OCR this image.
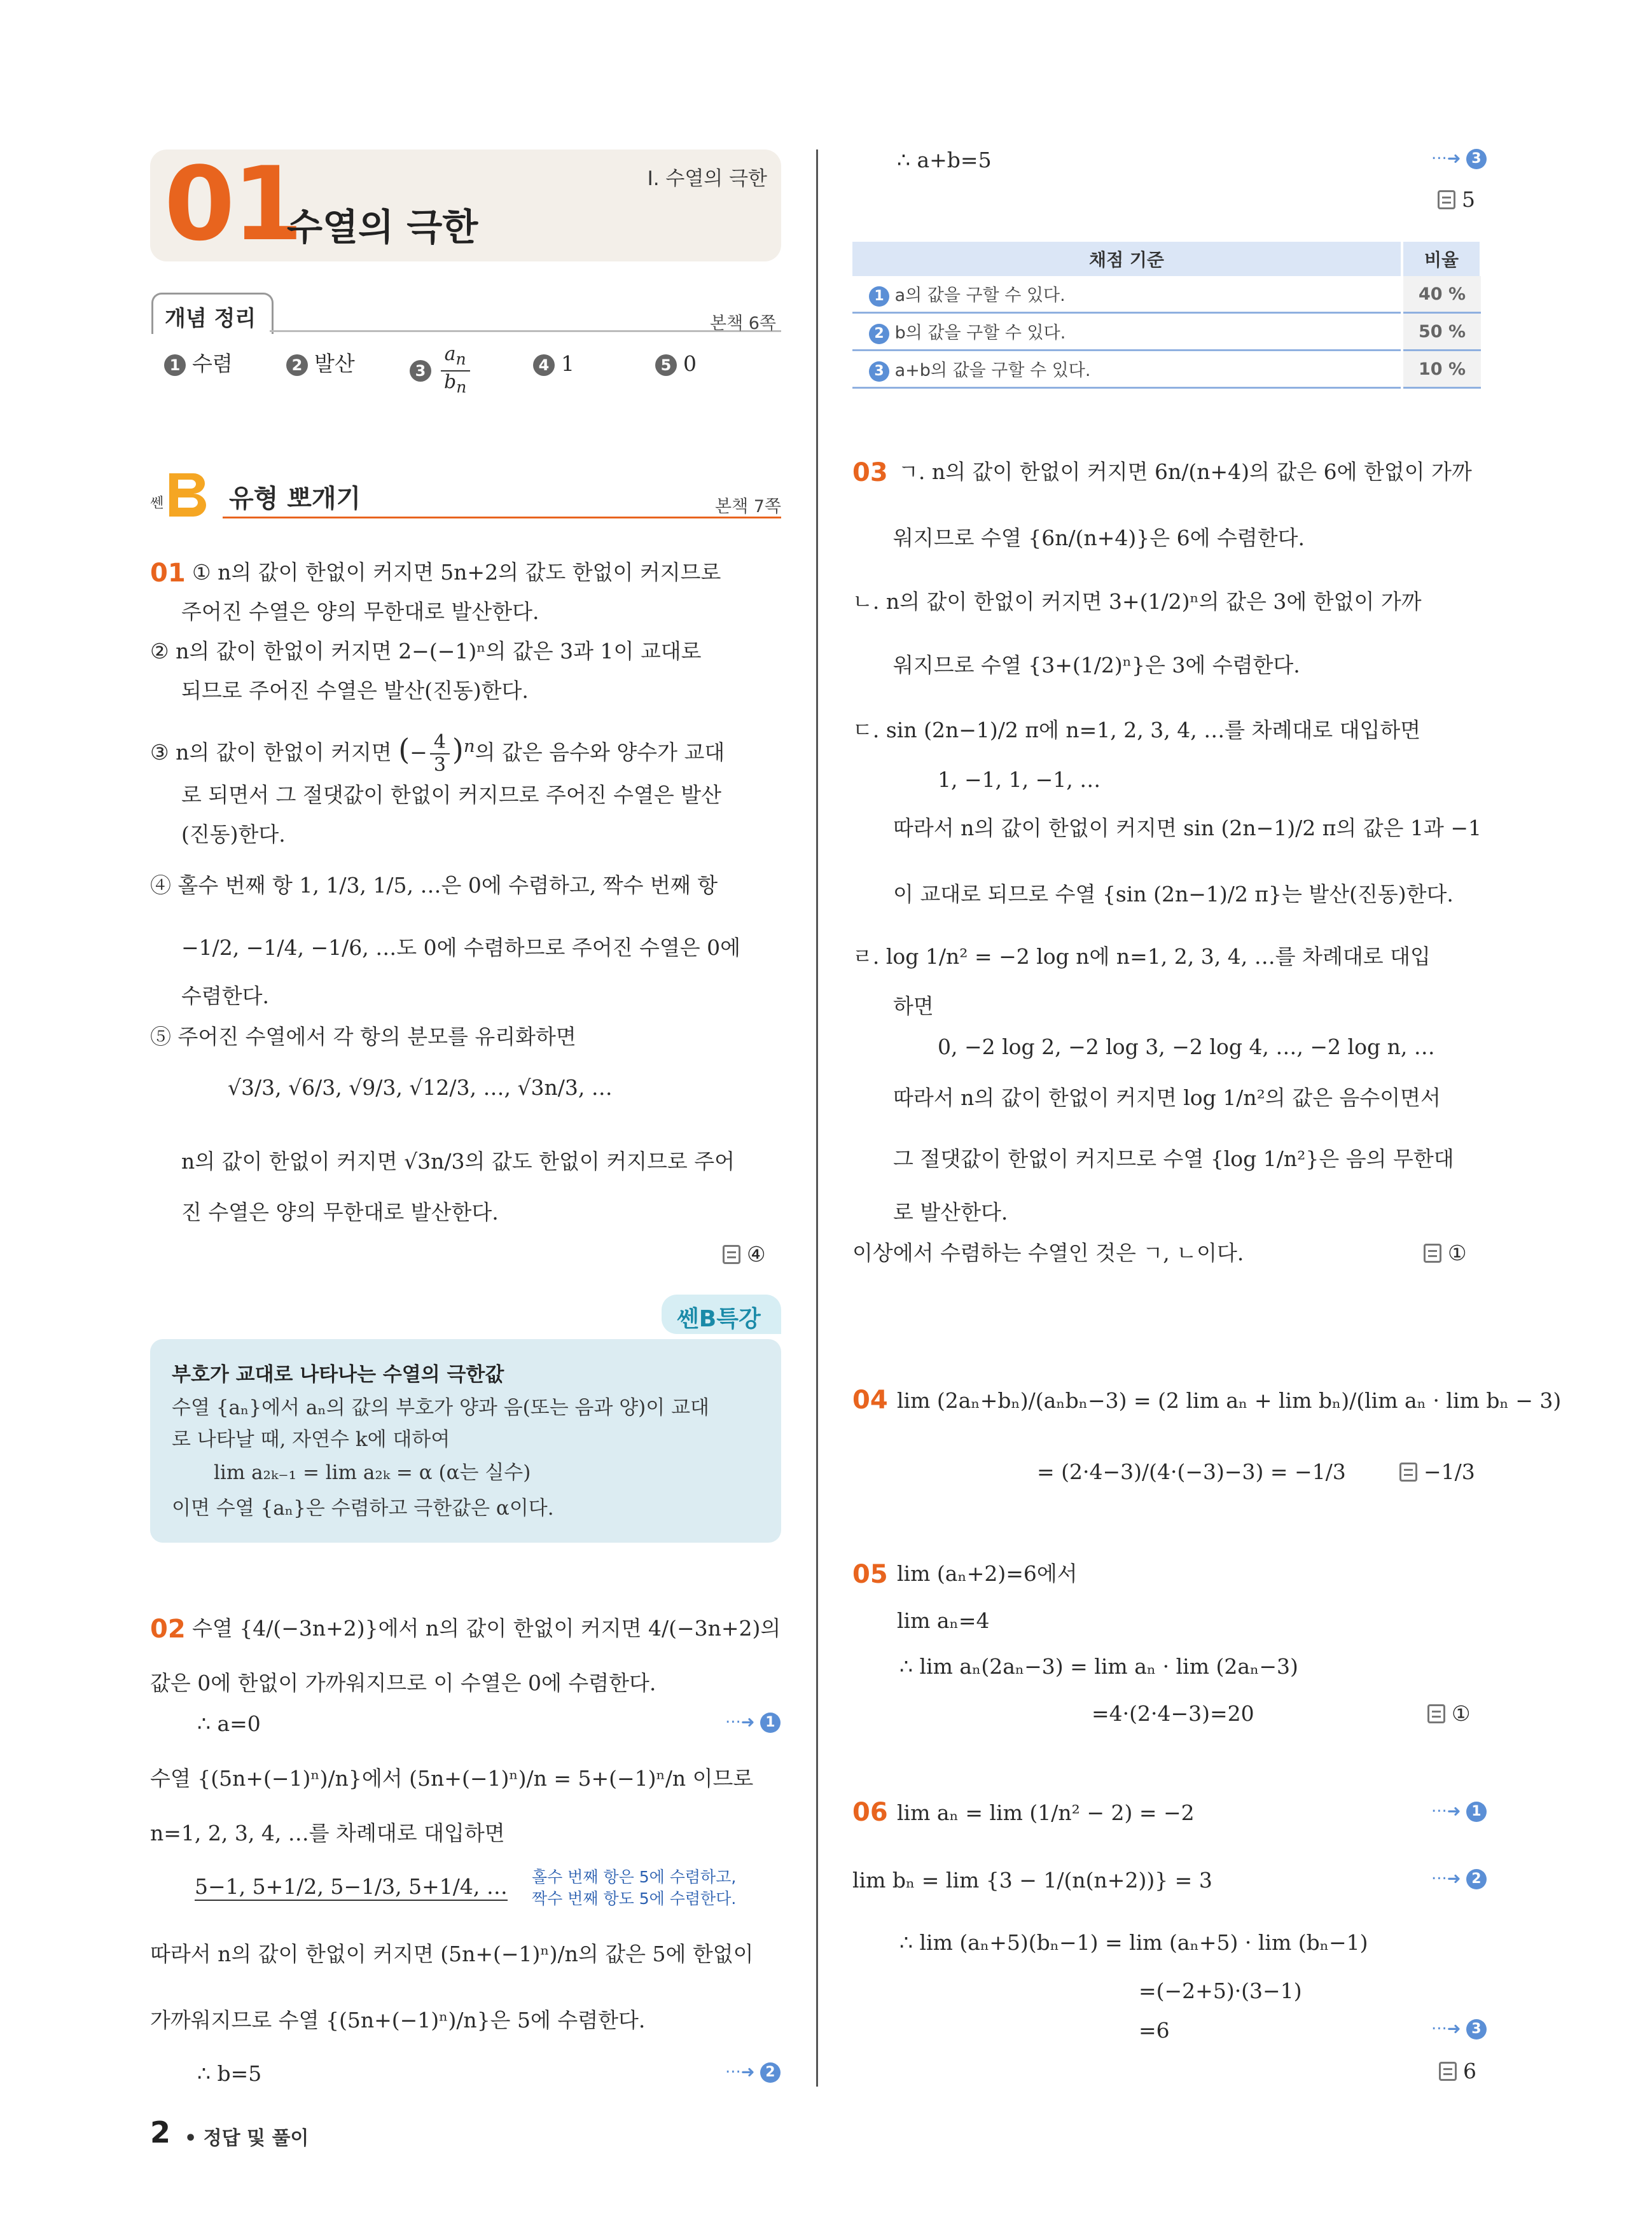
01
수열의 극한
Ⅰ. 수열의 극한
개념 정리	본책 6쪽
1 수렴	2 발산	$3 \frac{a_n}{b_n}$	4 1	5 0
쎈	유형 뽀개기	본책 7쪽
01 ① n의 값이 한없이 커지면 5n+2의 값도 한없이 커지므로
주어진 수열은 양의 무한대로 발산한다.
② n의 값이 한없이 커지면 2−(−1)ⁿ의 값은 3과 1이 교대로
되므로 주어진 수열은 발산(진동)한다.
③ n의 값이 한없이 커지면 (− $\frac{4}{3} )^n$의 값은 음수와 양수가 교대
로 되면서 그 절댓값이 한없이 커지므로 주어진 수열은 발산
(진동)한다.
④ 홀수 번째 항 1, 1/3, 1/5, …은 0에 수렴하고, 짝수 번째 항
−1/2, −1/4, −1/6, …도 0에 수렴하므로 주어진 수열은 0에
수렴한다.
⑤ 주어진 수열에서 각 항의 분모를 유리화하면
√3/3, √6/3, √9/3, √12/3, …, √3n/3, …
n의 값이 한없이 커지면 √3n/3의 값도 한없이 커지므로 주어
진 수열은 양의 무한대로 발산한다.
④
쎈B특강
부호가 교대로 나타나는 수열의 극한값
수열 {aₙ}에서 aₙ의 값의 부호가 양과 음(또는 음과 양)이 교대
로 나타날 때, 자연수 k에 대하여
lim a₂ₖ₋₁ = lim a₂ₖ = α (α는 실수)
이면 수열 {aₙ}은 수렴하고 극한값은 α이다.
02 수열 {4/(−3n+2)}에서 n의 값이 한없이 커지면 4/(−3n+2)의
값은 0에 한없이 가까워지므로 이 수열은 0에 수렴한다.
∴ a=0	···➜ 1
수열 {(5n+(−1)ⁿ)/n}에서 (5n+(−1)ⁿ)/n = 5+(−1)ⁿ/n 이므로
n=1, 2, 3, 4, …를 차례대로 대입하면
5−1, 5+1/2, 5−1/3, 5+1/4, … 홀수 번째 항은 5에 수렴하고,
짝수 번째 항도 5에 수렴한다.
따라서 n의 값이 한없이 커지면 (5n+(−1)ⁿ)/n의 값은 5에 한없이
가까워지므로 수열 {(5n+(−1)ⁿ)/n}은 5에 수렴한다.
∴ b=5	···➜ 2
2 • 정답 및 풀이
∴ a+b=5	···➜ 3
5
채점 기준	비율
1 a의 값을 구할 수 있다.	40 %
2 b의 값을 구할 수 있다.	50 %
3 a+b의 값을 구할 수 있다.	10 %
03 ㄱ. n의 값이 한없이 커지면 6n/(n+4)의 값은 6에 한없이 가까
워지므로 수열 {6n/(n+4)}은 6에 수렴한다.
ㄴ. n의 값이 한없이 커지면 3+(1/2)ⁿ의 값은 3에 한없이 가까
워지므로 수열 {3+(1/2)ⁿ}은 3에 수렴한다.
ㄷ. sin (2n−1)/2 π에 n=1, 2, 3, 4, …를 차례대로 대입하면
1, −1, 1, −1, …
따라서 n의 값이 한없이 커지면 sin (2n−1)/2 π의 값은 1과 −1
이 교대로 되므로 수열 {sin (2n−1)/2 π}는 발산(진동)한다.
ㄹ. log 1/n² = −2 log n에 n=1, 2, 3, 4, …를 차례대로 대입
하면
0, −2 log 2, −2 log 3, −2 log 4, …, −2 log n, …
따라서 n의 값이 한없이 커지면 log 1/n²의 값은 음수이면서
그 절댓값이 한없이 커지므로 수열 {log 1/n²}은 음의 무한대
로 발산한다.
이상에서 수렴하는 수열인 것은 ㄱ, ㄴ이다.	①
04 lim (2aₙ+bₙ)/(aₙbₙ−3) = (2 lim aₙ + lim bₙ)/(lim aₙ · lim bₙ − 3)
= (2·4−3)/(4·(−3)−3) = −1/3	−1/3
05 lim (aₙ+2)=6에서
lim aₙ=4
∴ lim aₙ(2aₙ−3) = lim aₙ · lim (2aₙ−3)
=4·(2·4−3)=20	①
06 lim aₙ = lim (1/n² − 2) = −2	···➜ 1
lim bₙ = lim {3 − 1/(n(n+2))} = 3	···➜ 2
∴ lim (aₙ+5)(bₙ−1) = lim (aₙ+5) · lim (bₙ−1)
=(−2+5)·(3−1)
=6	···➜ 3
6
